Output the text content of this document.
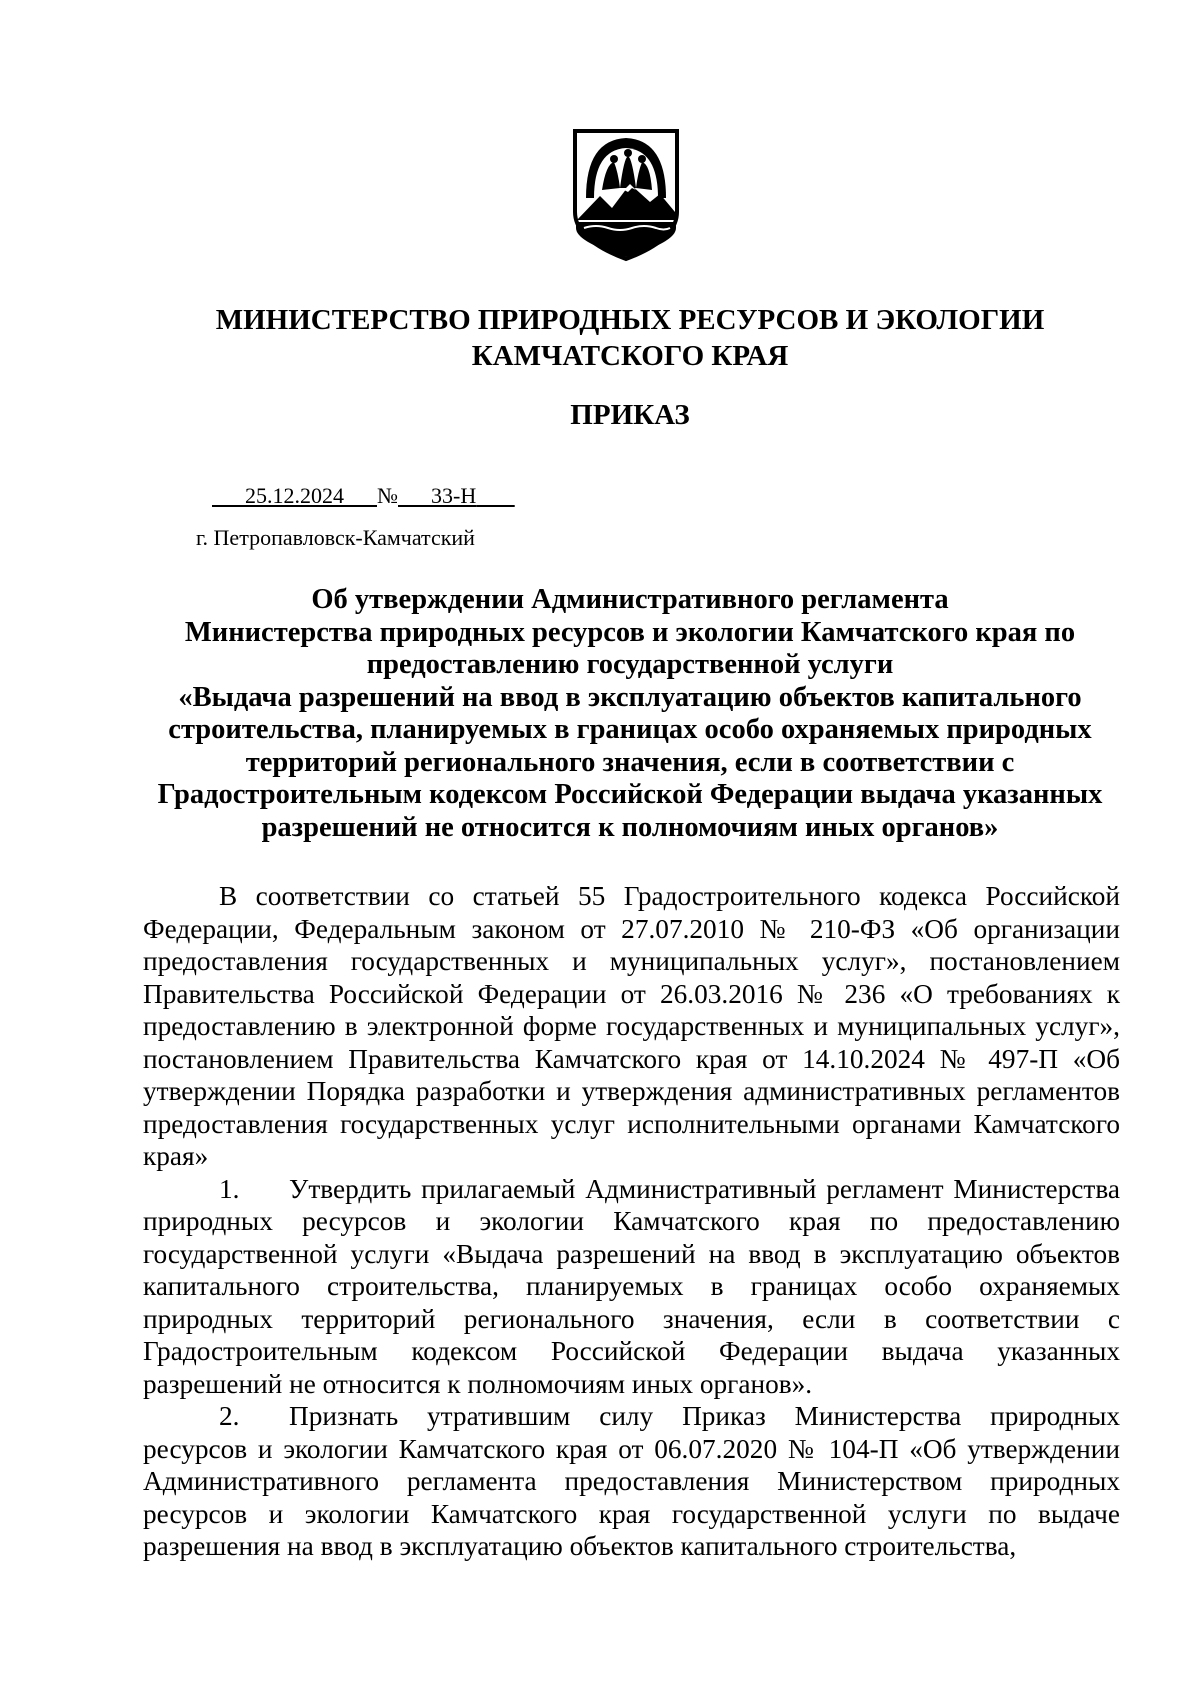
МИНИСТЕРСТВО ПРИРОДНЫХ РЕСУРСОВ И ЭКОЛОГИИ
КАМЧАТСКОГО КРАЯ
ПРИКАЗ
25.12.2024 № 33-Н
г. Петропавловск-Камчатский
Об утверждении Административного регламента
Министерства природных ресурсов и экологии Камчатского края по
предоставлению государственной услуги
«Выдача разрешений на ввод в эксплуатацию объектов капитального
строительства, планируемых в границах особо охраняемых природных
территорий регионального значения, если в соответствии с
Градостроительным кодексом Российской Федерации выдача указанных
разрешений не относится к полномочиям иных органов»

В соответствии со статьей 55 Градостроительного кодекса Российской Федерации, Федеральным законом от 27.07.2010 № 210-ФЗ «Об организации предоставления государственных и муниципальных услуг», постановлением Правительства Российской Федерации от 26.03.2016 № 236 «О требованиях к предоставлению в электронной форме государственных и муниципальных услуг», постановлением Правительства Камчатского края от 14.10.2024 № 497-П «Об утверждении Порядка разработки и утверждения административных регламентов предоставления государственных услуг исполнительными органами Камчатского края»

1. Утвердить прилагаемый Административный регламент Министерства природных ресурсов и экологии Камчатского края по предоставлению государственной услуги «Выдача разрешений на ввод в эксплуатацию объектов капитального строительства, планируемых в границах особо охраняемых природных территорий регионального значения, если в соответствии с Градостроительным кодексом Российской Федерации выдача указанных разрешений не относится к полномочиям иных органов».

2. Признать утратившим силу Приказ Министерства природных ресурсов и экологии Камчатского края от 06.07.2020 № 104-П «Об утверждении Административного регламента предоставления Министерством природных ресурсов и экологии Камчатского края государственной услуги по выдаче разрешения на ввод в эксплуатацию объектов капитального строительства,
